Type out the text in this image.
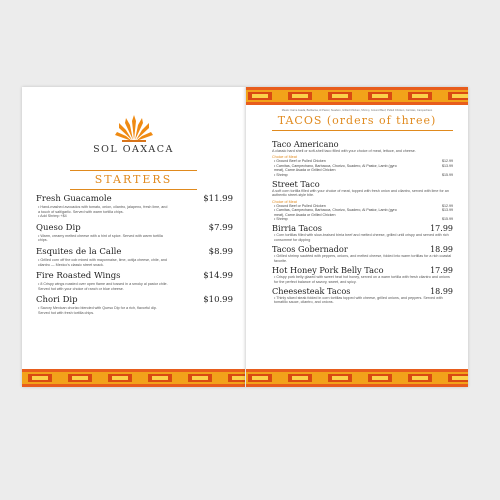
SOL OAXACA
STARTERS
Fresh Guacamole	$11.99
• Hand-mashed avocados with tomato, onion, cilantro, jalapeno, fresh lime, and a touch of salt/garlic. Served with warm tortilla chips.
• Add Shrimp +$4
Queso Dip	$7.99
• Warm, creamy melted cheese with a hint of spice. Served with warm tortilla chips.
Esquites de la Calle	$8.99
• Grilled corn off the cob mixed with mayonnaise, lime, cotija cheese, chile, and cilantro — Mexico's classic street snack.
Fire Roasted Wings	$14.99
• 8 Crispy wings roasted over open flame and tossed in a smoky al pastor chile. Served hot with your choice of ranch or blue cheese.
Chori Dip	$10.99
• Savory Mexican chorizo blended with Queso Dip for a rich, flavorful dip. Served hot with fresh tortilla chips.
Meats: Carne Asada, Barbacoa, Al Pastor, Suadero, Grilled Chicken, Shrimp, Ground Beef, Pulled Chicken, Carnitas, Campechano
TACOS (orders of three)
Taco Americano
A classic hard shell or soft-shell taco filled with your choice of meat, lettuce, and cheese.
Choice of Meat
• Ground Beef or Pulled Chicken	$12.99
• Carnitas, Campechano, Barbacoa, Chorizo, Suadero, Al Pastor, Lamb (gyro meat), Carne Asada or Grilled Chicken
$13.99
• Shrimp	$15.99
Street Taco
A soft corn tortilla filled with your choice of meat, topped with fresh onion and cilantro, served with lime for an authentic street-style bite.
Choice of Meat
• Ground Beef or Pulled Chicken	$12.99
• Carnitas, Campechano, Barbacoa, Chorizo, Suadero, Al Pastor, Lamb (gyro meat), Carne Asada or Grilled Chicken
$13.99
• Shrimp	$15.99
Birria Tacos	17.99
• Corn tortillas filled with slow-braised birria beef and melted cheese, grilled until crispy and served with rich consommé for dipping
Tacos Gobernador	18.99
• Grilled shrimp sautéed with peppers, onions, and melted cheese, folded into warm tortillas for a rich coastal favorite.
Hot Honey Pork Belly Taco	17.99
• Crispy pork belly glazed with sweet heat hot honey, served on a warm tortilla with fresh cilantro and onions for the perfect balance of savory, sweet, and spicy.
Cheesesteak Tacos	18.99
• Thinly sliced steak folded in corn tortillas topped with cheese, grilled onions, and peppers. Served with tomatillo sauce, cilantro, and onions.
